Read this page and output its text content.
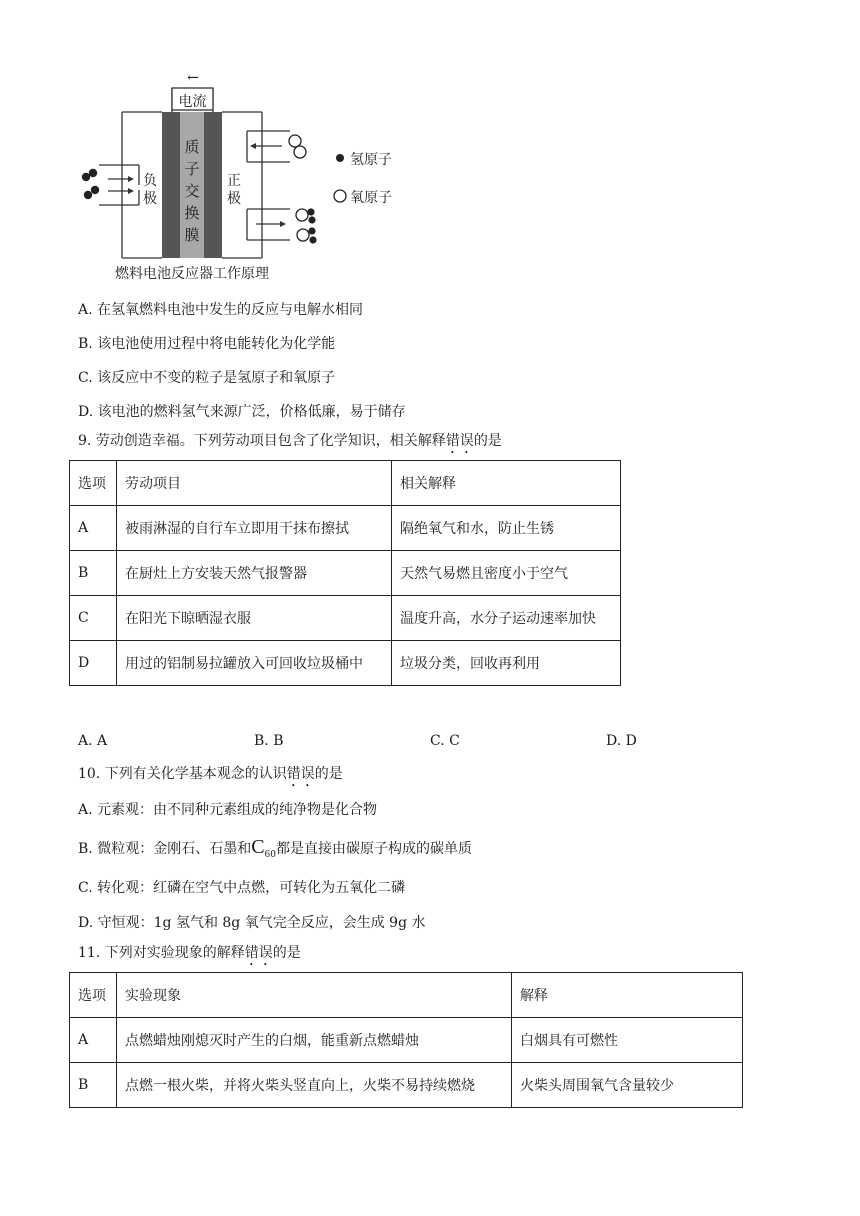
←
电流
质子交换膜
负极
正极
氢原子
氧原子
燃料电池反应器工作原理
A. 在氢氧燃料电池中发生的反应与电解水相同
B. 该电池使用过程中将电能转化为化学能
C. 该反应中不变的粒子是氢原子和氧原子
D. 该电池的燃料氢气来源广泛，价格低廉，易于储存
9. 劳动创造幸福。下列劳动项目包含了化学知识，相关解释错误的是
选项	劳动项目	相关解释
A	被雨淋湿的自行车立即用干抹布擦拭	隔绝氧气和水，防止生锈
B	在厨灶上方安装天然气报警器	天然气易燃且密度小于空气
C	在阳光下晾晒湿衣服	温度升高，水分子运动速率加快
D	用过的铝制易拉罐放入可回收垃圾桶中	垃圾分类，回收再利用
A. A	B. B	C. C	D. D
10. 下列有关化学基本观念的认识错误的是
A. 元素观：由不同种元素组成的纯净物是化合物
B. 微粒观：金刚石、石墨和$C_{60}$都是直接由碳原子构成的碳单质
C. 转化观：红磷在空气中点燃，可转化为五氧化二磷
D. 守恒观：1g 氢气和 8g 氧气完全反应，会生成 9g 水
11. 下列对实验现象的解释错误的是
选项	实验现象	解释
A	点燃蜡烛刚熄灭时产生的白烟，能重新点燃蜡烛	白烟具有可燃性
B	点燃一根火柴，并将火柴头竖直向上，火柴不易持续燃烧	火柴头周围氧气含量较少
